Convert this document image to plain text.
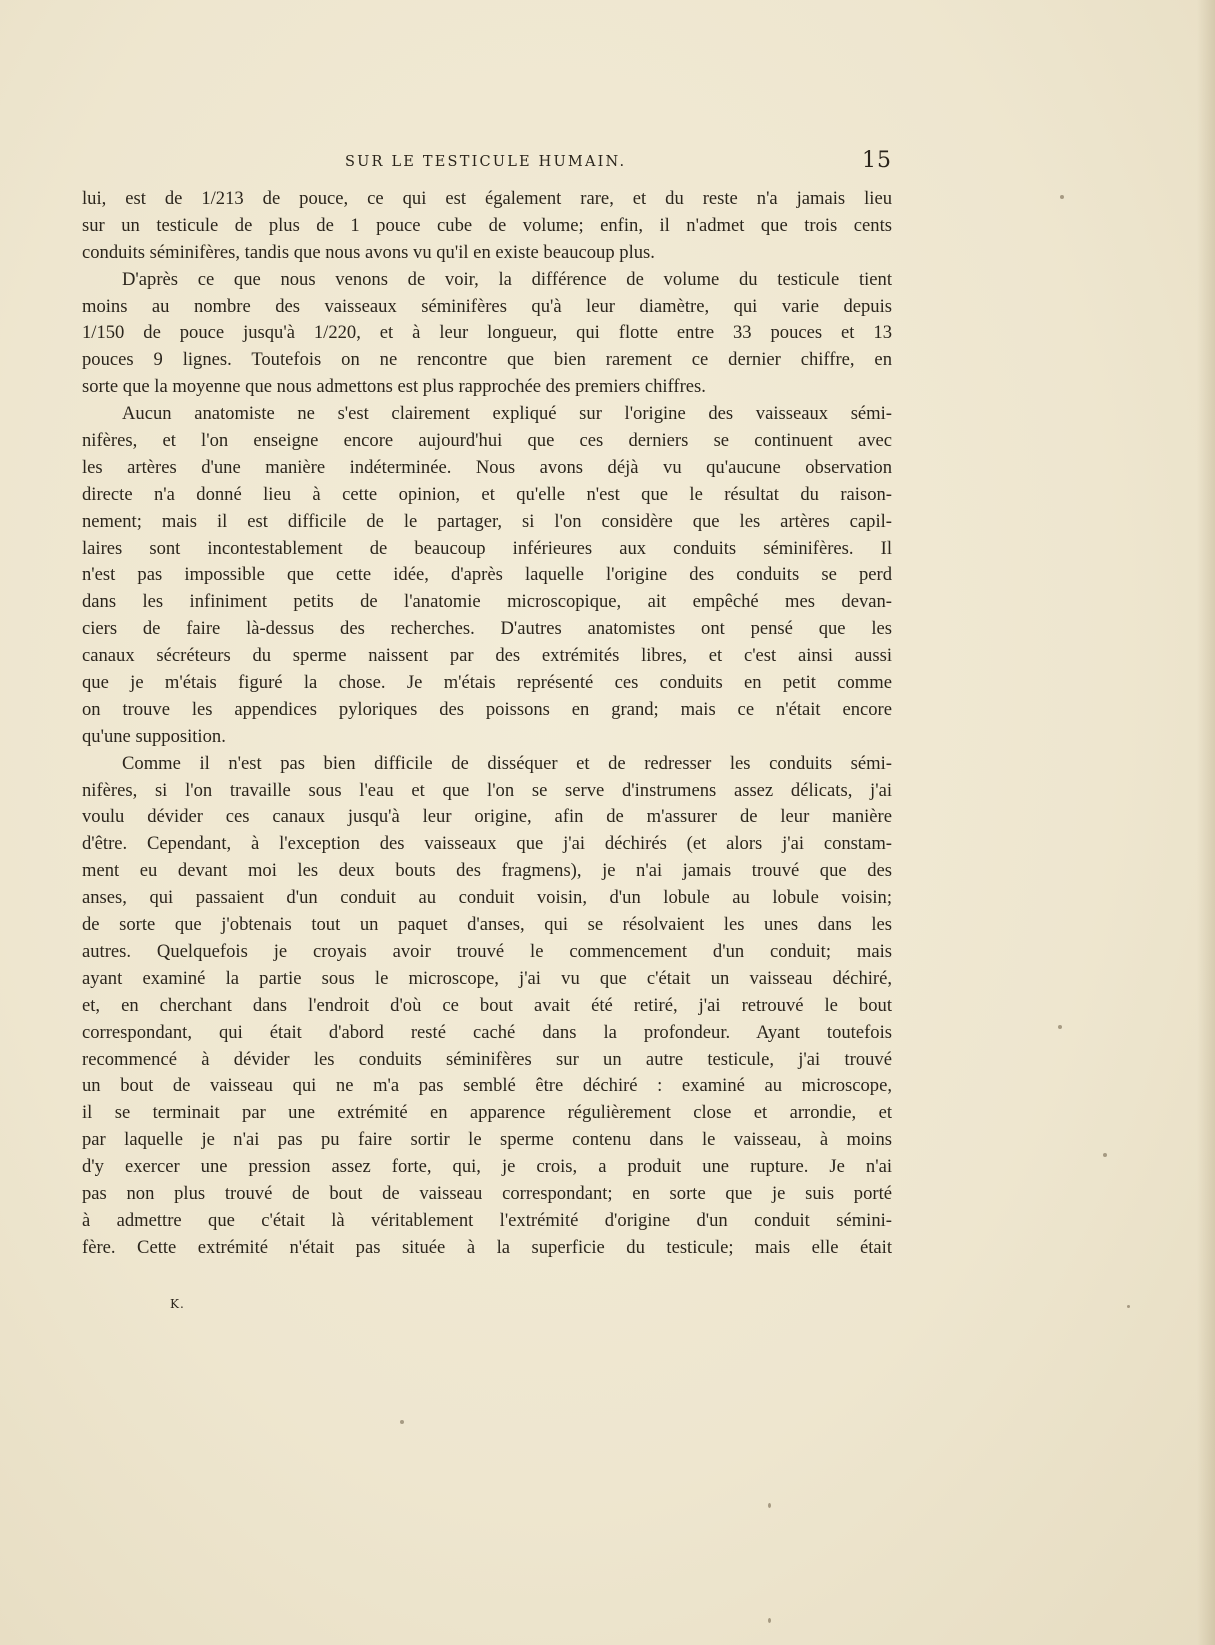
SUR LE TESTICULE HUMAIN.	15
lui, est de 1/213 de pouce, ce qui est également rare, et du reste n'a jamais lieu
sur un testicule de plus de 1 pouce cube de volume; enfin, il n'admet que trois cents
conduits séminifères, tandis que nous avons vu qu'il en existe beaucoup plus.
D'après ce que nous venons de voir, la différence de volume du testicule tient
moins au nombre des vaisseaux séminifères qu'à leur diamètre, qui varie depuis
1/150 de pouce jusqu'à 1/220, et à leur longueur, qui flotte entre 33 pouces et 13
pouces 9 lignes. Toutefois on ne rencontre que bien rarement ce dernier chiffre, en
sorte que la moyenne que nous admettons est plus rapprochée des premiers chiffres.
Aucun anatomiste ne s'est clairement expliqué sur l'origine des vaisseaux sémi-
nifères, et l'on enseigne encore aujourd'hui que ces derniers se continuent avec
les artères d'une manière indéterminée. Nous avons déjà vu qu'aucune observation
directe n'a donné lieu à cette opinion, et qu'elle n'est que le résultat du raison-
nement; mais il est difficile de le partager, si l'on considère que les artères capil-
laires sont incontestablement de beaucoup inférieures aux conduits séminifères. Il
n'est pas impossible que cette idée, d'après laquelle l'origine des conduits se perd
dans les infiniment petits de l'anatomie microscopique, ait empêché mes devan-
ciers de faire là-dessus des recherches. D'autres anatomistes ont pensé que les
canaux sécréteurs du sperme naissent par des extrémités libres, et c'est ainsi aussi
que je m'étais figuré la chose. Je m'étais représenté ces conduits en petit comme
on trouve les appendices pyloriques des poissons en grand; mais ce n'était encore
qu'une supposition.
Comme il n'est pas bien difficile de disséquer et de redresser les conduits sémi-
nifères, si l'on travaille sous l'eau et que l'on se serve d'instrumens assez délicats, j'ai
voulu dévider ces canaux jusqu'à leur origine, afin de m'assurer de leur manière
d'être. Cependant, à l'exception des vaisseaux que j'ai déchirés (et alors j'ai constam-
ment eu devant moi les deux bouts des fragmens), je n'ai jamais trouvé que des
anses, qui passaient d'un conduit au conduit voisin, d'un lobule au lobule voisin;
de sorte que j'obtenais tout un paquet d'anses, qui se résolvaient les unes dans les
autres. Quelquefois je croyais avoir trouvé le commencement d'un conduit; mais
ayant examiné la partie sous le microscope, j'ai vu que c'était un vaisseau déchiré,
et, en cherchant dans l'endroit d'où ce bout avait été retiré, j'ai retrouvé le bout
correspondant, qui était d'abord resté caché dans la profondeur. Ayant toutefois
recommencé à dévider les conduits séminifères sur un autre testicule, j'ai trouvé
un bout de vaisseau qui ne m'a pas semblé être déchiré : examiné au microscope,
il se terminait par une extrémité en apparence régulièrement close et arrondie, et
par laquelle je n'ai pas pu faire sortir le sperme contenu dans le vaisseau, à moins
d'y exercer une pression assez forte, qui, je crois, a produit une rupture. Je n'ai
pas non plus trouvé de bout de vaisseau correspondant; en sorte que je suis porté
à admettre que c'était là véritablement l'extrémité d'origine d'un conduit sémini-
fère. Cette extrémité n'était pas située à la superficie du testicule; mais elle était
K.
